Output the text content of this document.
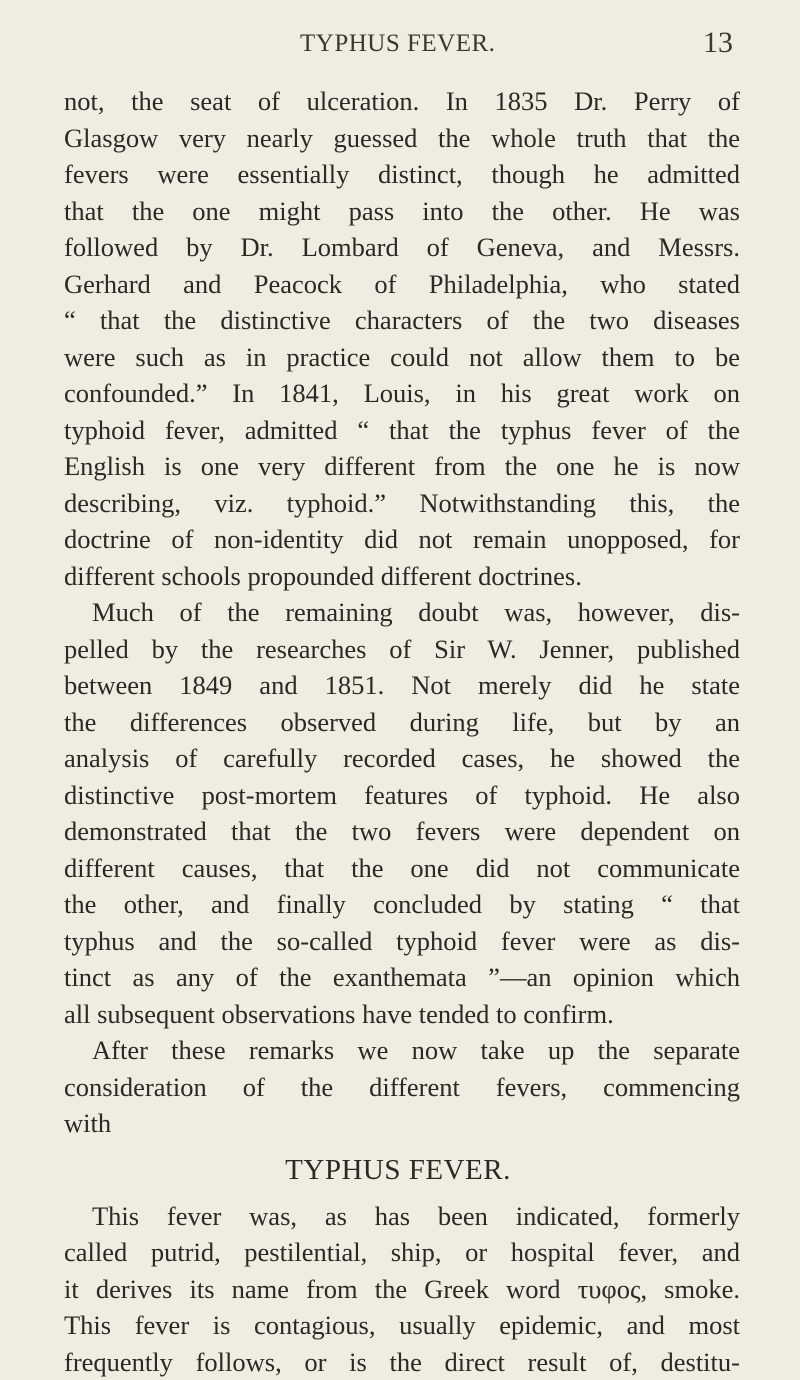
TYPHUS FEVER.	13
not, the seat of ulceration. In 1835 Dr. Perry of
Glasgow very nearly guessed the whole truth that the
fevers were essentially distinct, though he admitted
that the one might pass into the other. He was
followed by Dr. Lombard of Geneva, and Messrs.
Gerhard and Peacock of Philadelphia, who stated
“ that the distinctive characters of the two diseases
were such as in practice could not allow them to be
confounded.” In 1841, Louis, in his great work on
typhoid fever, admitted “ that the typhus fever of the
English is one very different from the one he is now
describing, viz. typhoid.” Notwithstanding this, the
doctrine of non-identity did not remain unopposed, for
different schools propounded different doctrines.
Much of the remaining doubt was, however, dis-
pelled by the researches of Sir W. Jenner, published
between 1849 and 1851. Not merely did he state
the differences observed during life, but by an
analysis of carefully recorded cases, he showed the
distinctive post-mortem features of typhoid. He also
demonstrated that the two fevers were dependent on
different causes, that the one did not communicate
the other, and finally concluded by stating “ that
typhus and the so-called typhoid fever were as dis-
tinct as any of the exanthemata ”—an opinion which
all subsequent observations have tended to confirm.
After these remarks we now take up the separate
consideration of the different fevers, commencing
with
TYPHUS FEVER.
This fever was, as has been indicated, formerly
called putrid, pestilential, ship, or hospital fever, and
it derives its name from the Greek word τυφος, smoke.
This fever is contagious, usually epidemic, and most
frequently follows, or is the direct result of, destitu-
